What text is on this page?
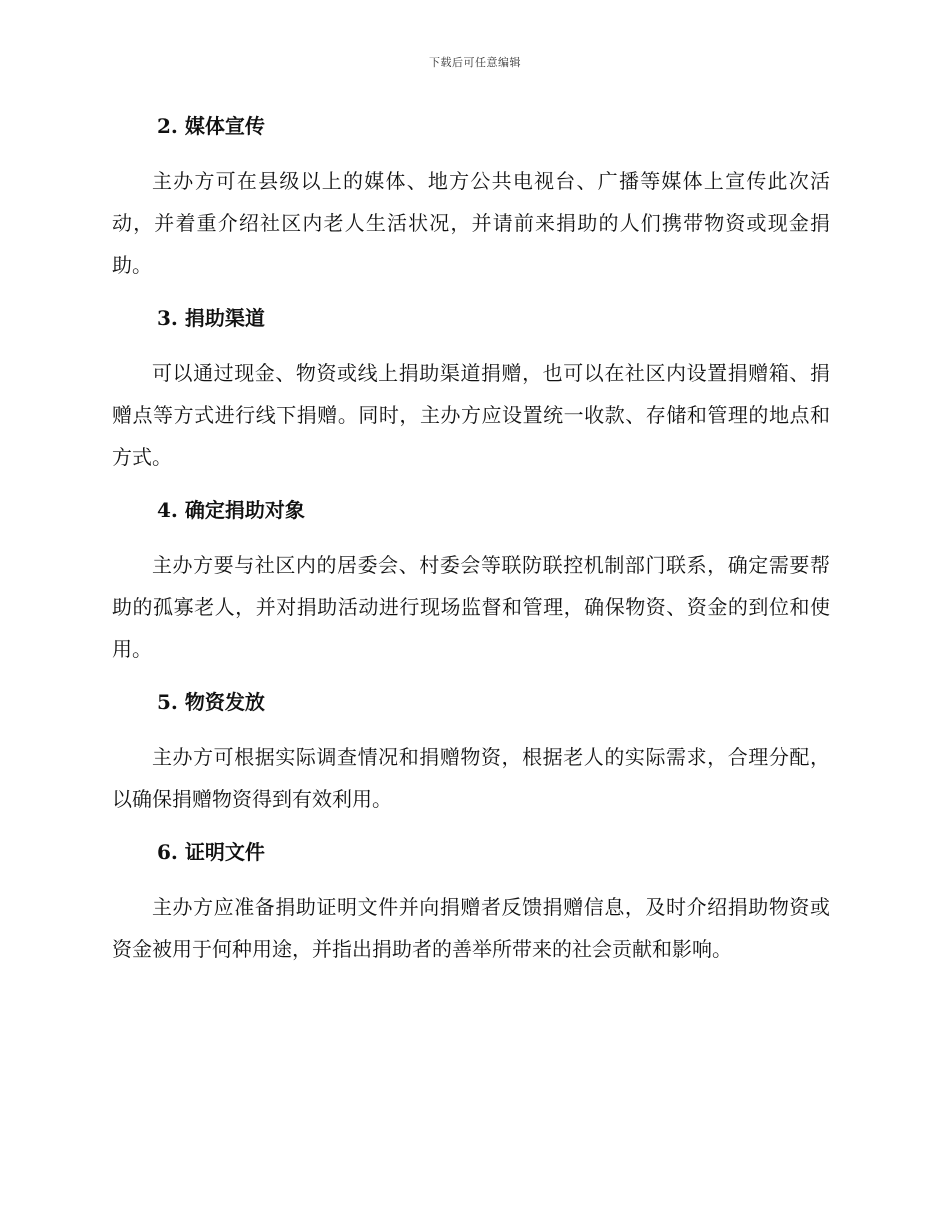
下载后可任意编辑
2. 媒体宣传
主办方可在县级以上的媒体、地方公共电视台、广播等媒体上宣传此次活动，并着重介绍社区内老人生活状况，并请前来捐助的人们携带物资或现金捐助。
3. 捐助渠道
可以通过现金、物资或线上捐助渠道捐赠，也可以在社区内设置捐赠箱、捐赠点等方式进行线下捐赠。同时，主办方应设置统一收款、存储和管理的地点和方式。
4. 确定捐助对象
主办方要与社区内的居委会、村委会等联防联控机制部门联系，确定需要帮助的孤寡老人，并对捐助活动进行现场监督和管理，确保物资、资金的到位和使用。
5. 物资发放
主办方可根据实际调查情况和捐赠物资，根据老人的实际需求，合理分配，以确保捐赠物资得到有效利用。
6. 证明文件
主办方应准备捐助证明文件并向捐赠者反馈捐赠信息，及时介绍捐助物资或资金被用于何种用途，并指出捐助者的善举所带来的社会贡献和影响。
